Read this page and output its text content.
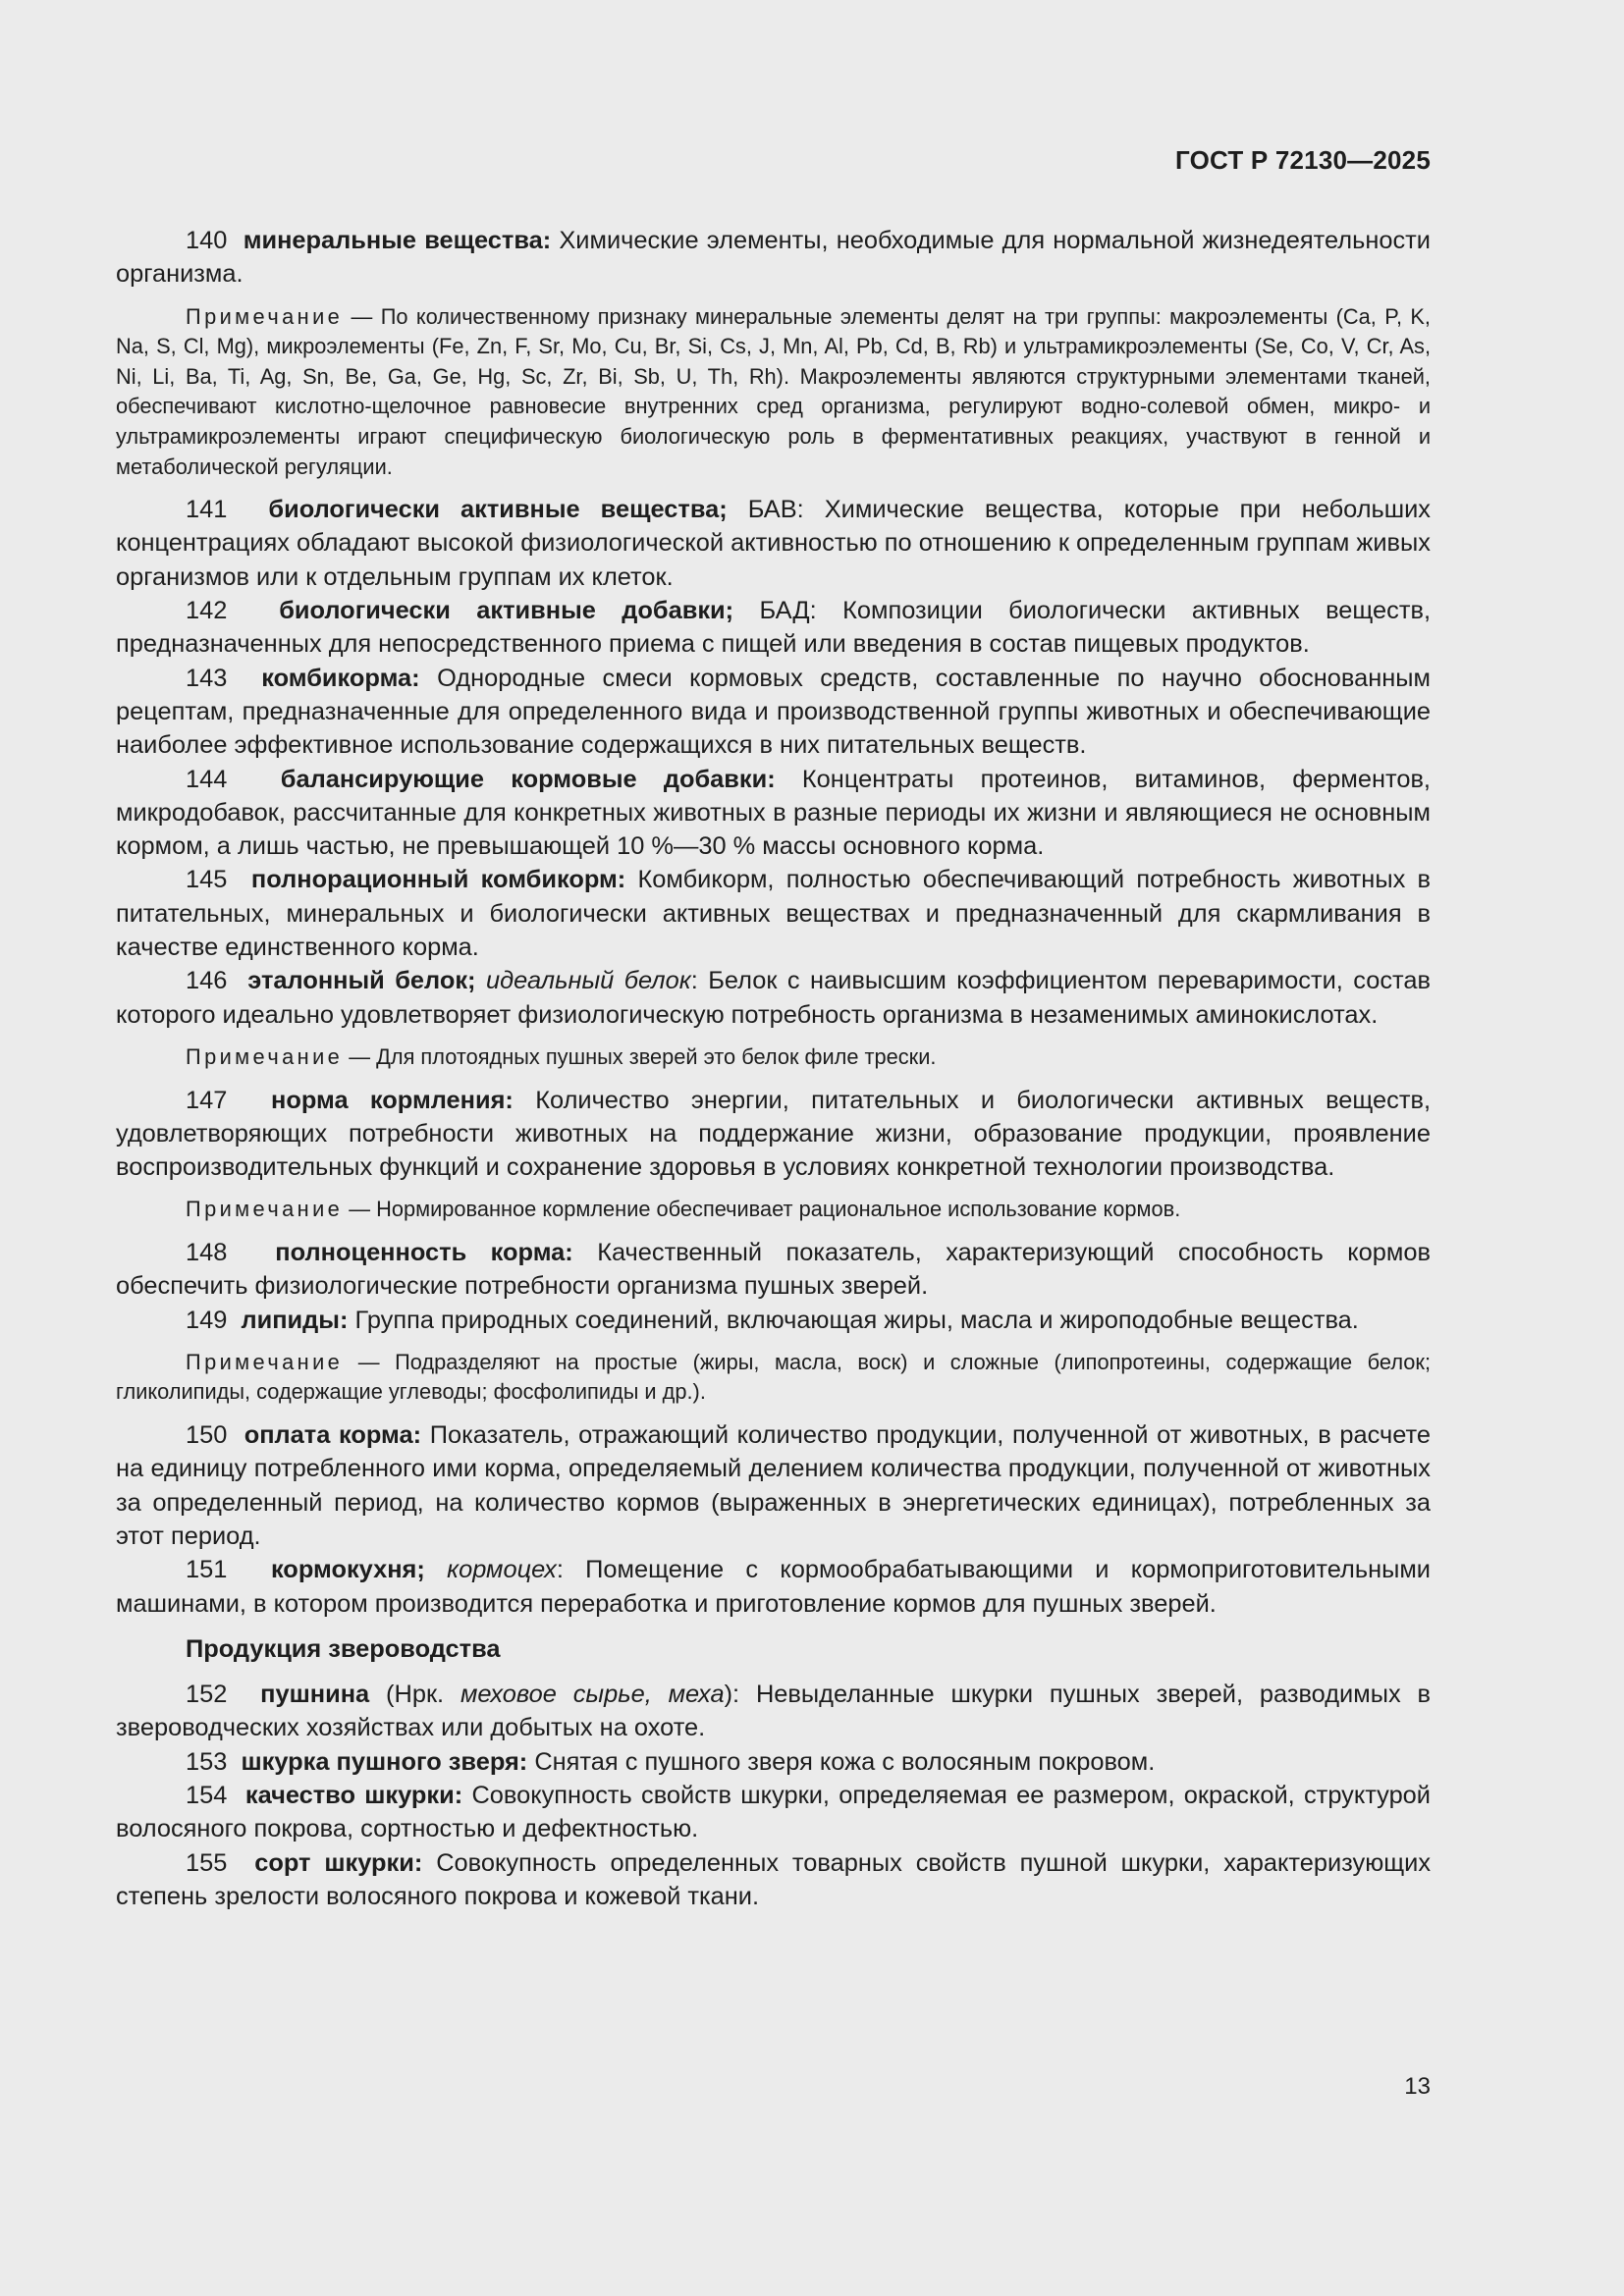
ГОСТ Р 72130—2025

140 минеральные вещества: Химические элементы, необходимые для нормальной жизнедеятельности организма.

Примечание — По количественному признаку минеральные элементы делят на три группы: макроэлементы (Ca, P, K, Na, S, Cl, Mg), микроэлементы (Fe, Zn, F, Sr, Mo, Cu, Br, Si, Cs, J, Mn, Al, Pb, Cd, B, Rb) и ультрамикроэлементы (Se, Co, V, Cr, As, Ni, Li, Ba, Ti, Ag, Sn, Be, Ga, Ge, Hg, Sc, Zr, Bi, Sb, U, Th, Rh). Макроэлементы являются структурными элементами тканей, обеспечивают кислотно-щелочное равновесие внутренних сред организма, регулируют водно-солевой обмен, микро- и ультрамикроэлементы играют специфическую биологическую роль в ферментативных реакциях, участвуют в генной и метаболической регуляции.

141 биологически активные вещества; БАВ: Химические вещества, которые при небольших концентрациях обладают высокой физиологической активностью по отношению к определенным группам живых организмов или к отдельным группам их клеток.

142 биологически активные добавки; БАД: Композиции биологически активных веществ, предназначенных для непосредственного приема с пищей или введения в состав пищевых продуктов.

143 комбикорма: Однородные смеси кормовых средств, составленные по научно обоснованным рецептам, предназначенные для определенного вида и производственной группы животных и обеспечивающие наиболее эффективное использование содержащихся в них питательных веществ.

144 балансирующие кормовые добавки: Концентраты протеинов, витаминов, ферментов, микродобавок, рассчитанные для конкретных животных в разные периоды их жизни и являющиеся не основным кормом, а лишь частью, не превышающей 10 %—30 % массы основного корма.

145 полнорационный комбикорм: Комбикорм, полностью обеспечивающий потребность животных в питательных, минеральных и биологически активных веществах и предназначенный для скармливания в качестве единственного корма.

146 эталонный белок; идеальный белок: Белок с наивысшим коэффициентом переваримости, состав которого идеально удовлетворяет физиологическую потребность организма в незаменимых аминокислотах.

Примечание — Для плотоядных пушных зверей это белок филе трески.

147 норма кормления: Количество энергии, питательных и биологически активных веществ, удовлетворяющих потребности животных на поддержание жизни, образование продукции, проявление воспроизводительных функций и сохранение здоровья в условиях конкретной технологии производства.

Примечание — Нормированное кормление обеспечивает рациональное использование кормов.

148 полноценность корма: Качественный показатель, характеризующий способность кормов обеспечить физиологические потребности организма пушных зверей.

149 липиды: Группа природных соединений, включающая жиры, масла и жироподобные вещества.

Примечание — Подразделяют на простые (жиры, масла, воск) и сложные (липопротеины, содержащие белок; гликолипиды, содержащие углеводы; фосфолипиды и др.).

150 оплата корма: Показатель, отражающий количество продукции, полученной от животных, в расчете на единицу потребленного ими корма, определяемый делением количества продукции, полученной от животных за определенный период, на количество кормов (выраженных в энергетических единицах), потребленных за этот период.

151 кормокухня; кормоцех: Помещение с кормообрабатывающими и кормоприготовительными машинами, в котором производится переработка и приготовление кормов для пушных зверей.

Продукция звероводства

152 пушнина (Нрк. меховое сырье, меха): Невыделанные шкурки пушных зверей, разводимых в звероводческих хозяйствах или добытых на охоте.

153 шкурка пушного зверя: Снятая с пушного зверя кожа с волосяным покровом.

154 качество шкурки: Совокупность свойств шкурки, определяемая ее размером, окраской, структурой волосяного покрова, сортностью и дефектностью.

155 сорт шкурки: Совокупность определенных товарных свойств пушной шкурки, характеризующих степень зрелости волосяного покрова и кожевой ткани.

13
